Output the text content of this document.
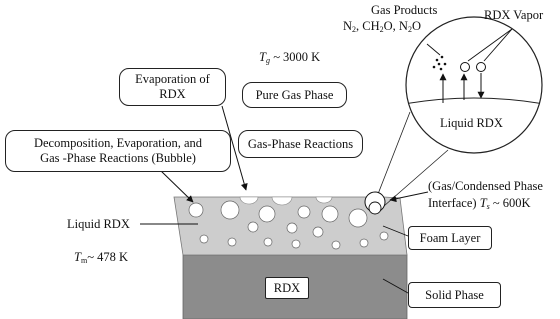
$T_g$ ~ 3000 K
Pure Gas Phase
Gas-Phase Reactions
Evaporation of
RDX
Decomposition, Evaporation, and
Gas -Phase Reactions (Bubble)
Gas Products
$N_2$, $CH_2O$, $N_2O$
RDX Vapor
Liquid RDX
(Gas/Condensed Phase
Interface) $T_s$ ~ 600K
Liquid RDX
$T_m\sim$ 478 K
Foam Layer
RDX	Solid Phase
